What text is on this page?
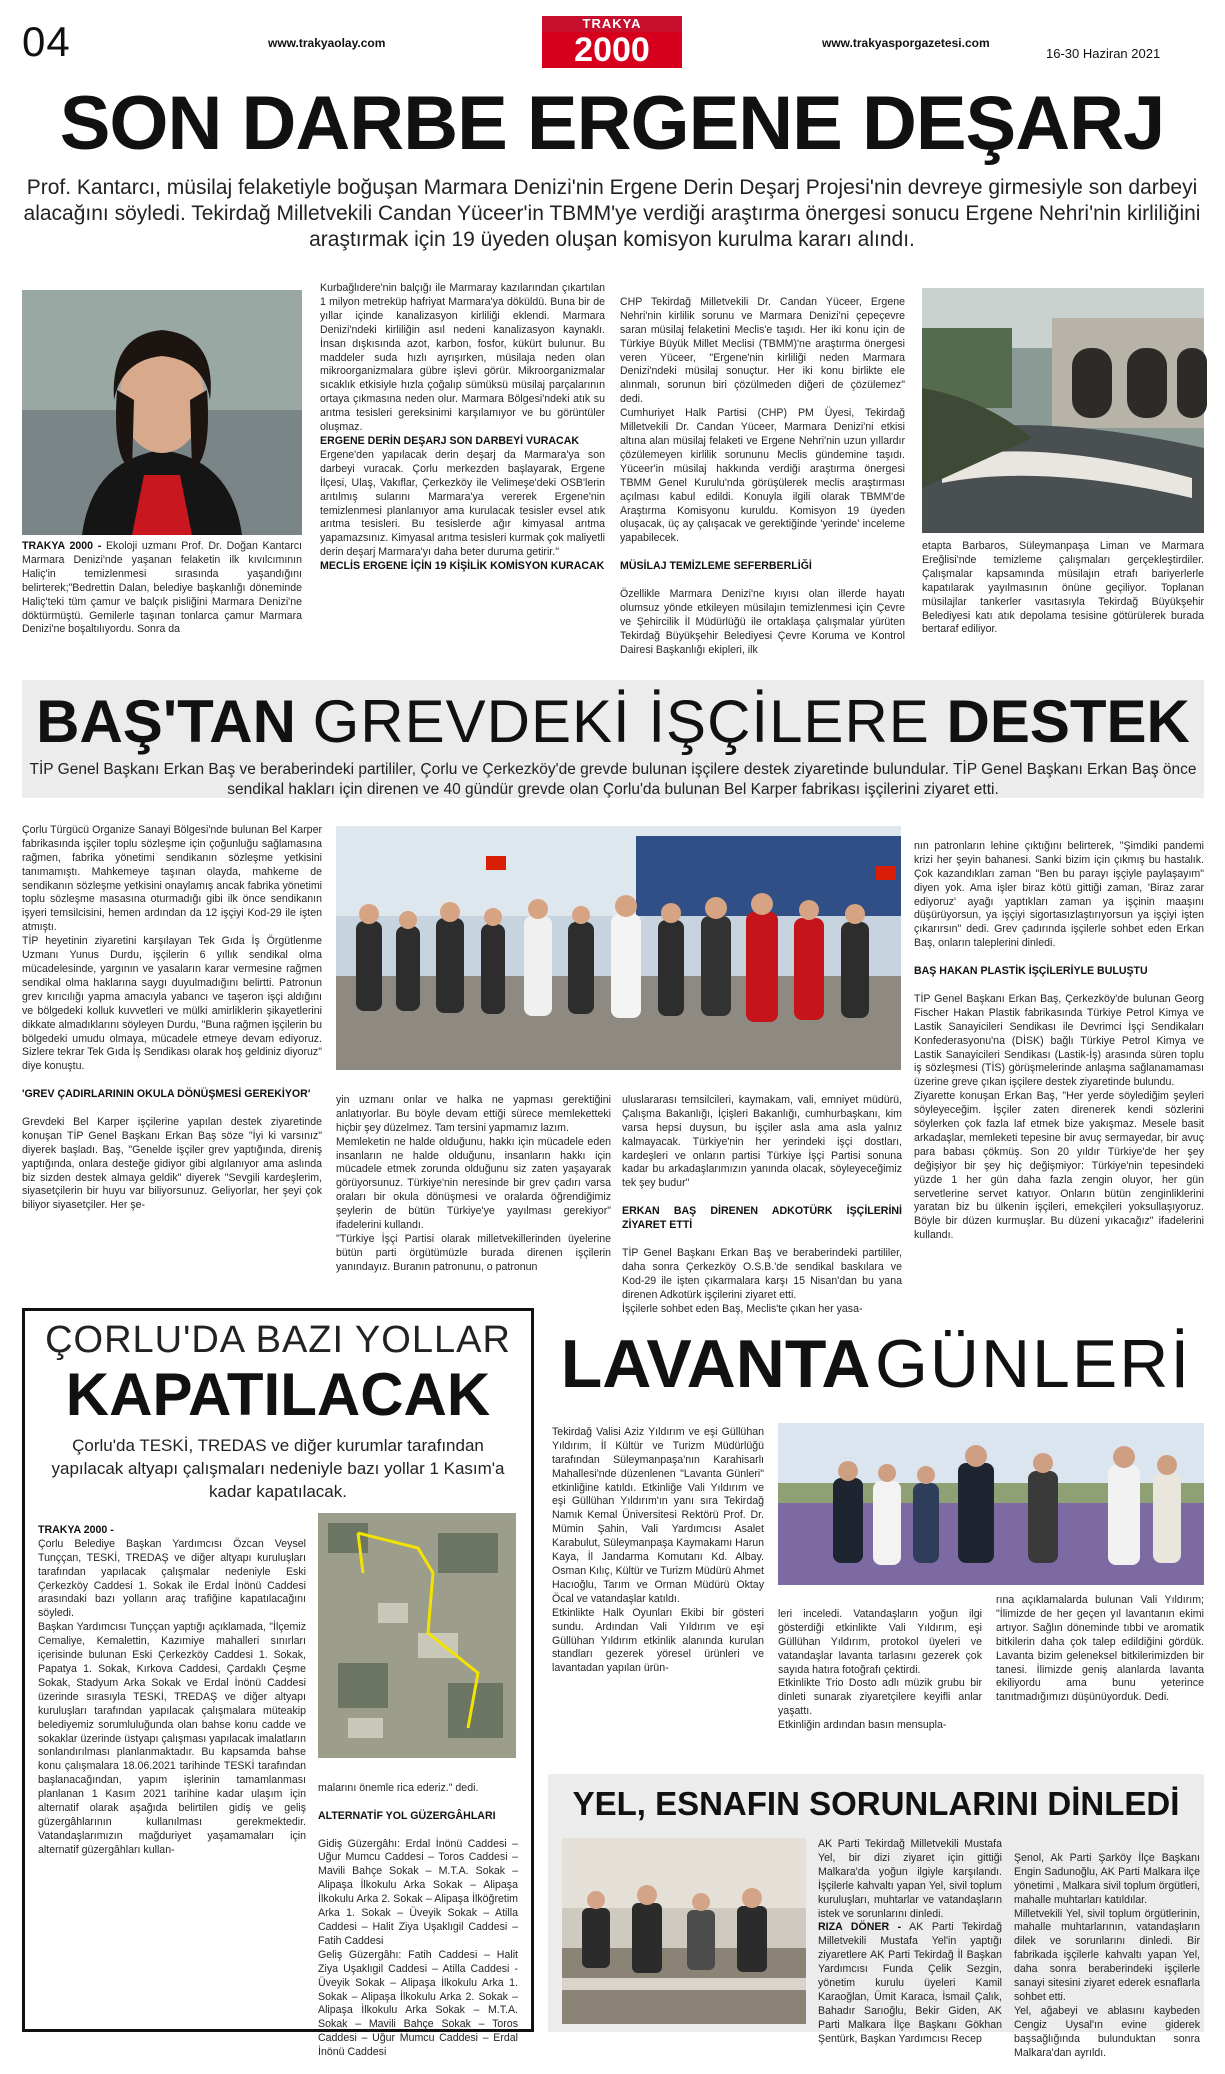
04	www.trakyaolay.com
TRAKYA
2000	www.trakyasporgazetesi.com
16-30 Haziran 2021
SON DARBE ERGENE DEŞARJ
Prof. Kantarcı, müsilaj felaketiyle boğuşan Marmara Denizi'nin Ergene Derin Deşarj Projesi'nin devreye girmesiyle son darbeyi alacağını söyledi. Tekirdağ Milletvekili Candan Yüceer'in TBMM'ye verdiği araştırma önergesi sonucu Ergene Nehri'nin kirliliğini araştırmak için 19 üyeden oluşan komisyon kurulma kararı alındı.
TRAKYA 2000 - Ekoloji uzmanı Prof. Dr. Doğan Kantarcı Marmara Denizi'nde yaşanan felaketin ilk kıvılcımının Haliç'in temizlenmesi sırasında yaşandığını belirterek;"Bedrettin Dalan, belediye başkanlığı döneminde Haliç'teki tüm çamur ve balçık pisliğini Marmara Denizi'ne döktürmüştü. Gemilerle taşınan tonlarca çamur Marmara Denizi'ne boşaltılıyordu. Sonra da

Kurbağlıdere'nin balçığı ile Marmaray kazılarından çıkartılan 1 milyon metreküp hafriyat Marmara'ya döküldü. Buna bir de yıllar içinde kanalizasyon kirliliği eklendi. Marmara Denizi'ndeki kirliliğin asıl nedeni kanalizasyon kaynaklı. İnsan dışkısında azot, karbon, fosfor, kükürt bulunur. Bu maddeler suda hızlı ayrışırken, müsilaja neden olan mikroorganizmalara gübre işlevi görür. Mikroorganizmalar sıcaklık etkisiyle hızla çoğalıp sümüksü müsilaj parçalarının ortaya çıkmasına neden olur. Marmara Bölgesi'ndeki atık su arıtma tesisleri gereksinimi karşılamıyor ve bu görüntüler oluşmaz.

ERGENE DERİN DEŞARJ SON DARBEYİ VURACAK

Ergene'den yapılacak derin deşarj da Marmara'ya son darbeyi vuracak. Çorlu merkezden başlayarak, Ergene İlçesi, Ulaş, Vakıflar, Çerkezköy ile Velimeşe'deki OSB'lerin arıtılmış sularını Marmara'ya vererek Ergene'nin temizlenmesi planlanıyor ama kurulacak tesisler evsel atık arıtma tesisleri. Bu tesislerde ağır kimyasal arıtma yapamazsınız. Kimyasal arıtma tesisleri kurmak çok maliyetli derin deşarj Marmara'yı daha beter duruma getirir."

MECLİS ERGENE İÇİN 19 KİŞİLİK KOMİSYON KURACAK

CHP Tekirdağ Milletvekili Dr. Candan Yüceer, Ergene Nehri'nin kirlilik sorunu ve Marmara Denizi'ni çepeçevre saran müsilaj felaketini Meclis'e taşıdı. Her iki konu için de Türkiye Büyük Millet Meclisi (TBMM)'ne araştırma önergesi veren Yüceer, "Ergene'nin kirliliği neden Marmara Denizi'ndeki müsilaj sonuçtur. Her iki konu birlikte ele alınmalı, sorunun biri çözülmeden diğeri de çözülemez" dedi.
Cumhuriyet Halk Partisi (CHP) PM Üyesi, Tekirdağ Milletvekili Dr. Candan Yüceer, Marmara Denizi'ni etkisi altına alan müsilaj felaketi ve Ergene Nehri'nin uzun yıllardır çözülemeyen kirlilik sorununu Meclis gündemine taşıdı. Yüceer'in müsilaj hakkında verdiği araştırma önergesi TBMM Genel Kurulu'nda görüşülerek meclis araştırması açılması kabul edildi. Konuyla ilgili olarak TBMM'de Araştırma Komisyonu kuruldu. Komisyon 19 üyeden oluşacak, üç ay çalışacak ve gerektiğinde 'yerinde' inceleme yapabilecek.

MÜSİLAJ TEMİZLEME SEFERBERLİĞİ

Özellikle Marmara Denizi'ne kıyısı olan illerde hayatı olumsuz yönde etkileyen müsilajın temizlenmesi için Çevre ve Şehircilik İl Müdürlüğü ile ortaklaşa çalışmalar yürüten Tekirdağ Büyükşehir Belediyesi Çevre Koruma ve Kontrol Dairesi Başkanlığı ekipleri, ilk

etapta Barbaros, Süleymanpaşa Liman ve Marmara Ereğlisi'nde temizleme çalışmaları gerçekleştirdiler. Çalışmalar kapsamında müsilajın etrafı bariyerlerle kapatılarak yayılmasının önüne geçiliyor. Toplanan müsilajlar tankerler vasıtasıyla Tekirdağ Büyükşehir Belediyesi katı atık depolama tesisine götürülerek burada bertaraf ediliyor.

BAŞ'TAN GREVDEKİ İŞÇİLERE DESTEK
TİP Genel Başkanı Erkan Baş ve beraberindeki partililer, Çorlu ve Çerkezköy'de grevde bulunan işçilere destek ziyaretinde bulundular. TİP Genel Başkanı Erkan Baş önce sendikal hakları için direnen ve 40 gündür grevde olan Çorlu'da bulunan Bel Karper fabrikası işçilerini ziyaret etti.

Çorlu Türgücü Organize Sanayi Bölgesi'nde bulunan Bel Karper fabrikasında işçiler toplu sözleşme için çoğunluğu sağlamasına rağmen, fabrika yönetimi sendikanın sözleşme yetkisini tanımamıştı. Mahkemeye taşınan olayda, mahkeme de sendikanın sözleşme yetkisini onaylamış ancak fabrika yönetimi toplu sözleşme masasına oturmadığı gibi ilk önce sendikanın işyeri temsilcisini, hemen ardından da 12 işçiyi Kod-29 ile işten atmıştı.
TİP heyetinin ziyaretini karşılayan Tek Gıda İş Örgütlenme Uzmanı Yunus Durdu, işçilerin 6 yıllık sendikal olma mücadelesinde, yargının ve yasaların karar vermesine rağmen sendikal olma haklarına saygı duyulmadığını belirtti. Patronun grev kırıcılığı yapma amacıyla yabancı ve taşeron işçi aldığını ve bölgedeki kolluk kuvvetleri ve mülki amirliklerin şikayetlerini dikkate almadıklarını söyleyen Durdu, "Buna rağmen işçilerin bu bölgedeki umudu olmaya, mücadele etmeye devam ediyoruz. Sizlere tekrar Tek Gıda İş Sendikası olarak hoş geldiniz diyoruz" diye konuştu.

'GREV ÇADIRLARININ OKULA DÖNÜŞMESİ GEREKİYOR'

Grevdeki Bel Karper işçilerine yapılan destek ziyaretinde konuşan TİP Genel Başkanı Erkan Baş söze "İyi ki varsınız" diyerek başladı. Baş, "Genelde işçiler grev yaptığında, direniş yaptığında, onlara desteğe gidiyor gibi algılanıyor ama aslında biz sizden destek almaya geldik" diyerek "Sevgili kardeşlerim, siyasetçilerin bir huyu var biliyorsunuz. Geliyorlar, her şeyi çok biliyor siyasetçiler. Her şe-

yin uzmanı onlar ve halka ne yapması gerektiğini anlatıyorlar. Bu böyle devam ettiği sürece memleketteki hiçbir şey düzelmez. Tam tersini yapmamız lazım.
Memleketin ne halde olduğunu, hakkı için mücadele eden insanların ne halde olduğunu, insanların hakkı için mücadele etmek zorunda olduğunu siz zaten yaşayarak görüyorsunuz. Türkiye'nin neresinde bir grev çadırı varsa oraları bir okula dönüşmesi ve oralarda öğrendiğimiz şeylerin de bütün Türkiye'ye yayılması gerekiyor" ifadelerini kullandı.
"Türkiye İşçi Partisi olarak milletvekillerinden üyelerine bütün parti örgütümüzle burada direnen işçilerin yanındayız. Buranın patronunu, o patronun

uluslararası temsilcileri, kaymakam, vali, emniyet müdürü, Çalışma Bakanlığı, İçişleri Bakanlığı, cumhurbaşkanı, kim varsa hepsi duysun, bu işçiler asla ama asla yalnız kalmayacak. Türkiye'nin her yerindeki işçi dostları, kardeşleri ve onların partisi Türkiye İşçi Partisi sonuna kadar bu arkadaşlarımızın yanında olacak, söyleyeceğimiz tek şey budur"

ERKAN BAŞ DİRENEN ADKOTÜRK İŞÇİLERİNİ ZİYARET ETTİ

TİP Genel Başkanı Erkan Baş ve beraberindeki partililer, daha sonra Çerkezköy O.S.B.'de sendikal baskılara ve Kod-29 ile işten çıkarmalara karşı 15 Nisan'dan bu yana direnen Adkotürk işçilerini ziyaret etti.
İşçilerle sohbet eden Baş, Meclis'te çıkan her yasa-

nın patronların lehine çıktığını belirterek, "Şimdiki pandemi krizi her şeyin bahanesi. Sanki bizim için çıkmış bu hastalık. Çok kazandıkları zaman "Ben bu parayı işçiyle paylaşayım" diyen yok. Ama işler biraz kötü gittiği zaman, 'Biraz zarar ediyoruz' ayağı yaptıkları zaman ya işçinin maaşını düşürüyorsun, ya işçiyi sigortasızlaştırıyorsun ya işçiyi işten çıkarırsın" dedi. Grev çadırında işçilerle sohbet eden Erkan Baş, onların taleplerini dinledi.

BAŞ HAKAN PLASTİK İŞÇİLERİYLE BULUŞTU

TİP Genel Başkanı Erkan Baş, Çerkezköy'de bulunan Georg Fischer Hakan Plastik fabrikasında Türkiye Petrol Kimya ve Lastik Sanayicileri Sendikası ile Devrimci İşçi Sendikaları Konfederasyonu'na (DİSK) bağlı Türkiye Petrol Kimya ve Lastik Sanayicileri Sendikası (Lastik-İş) arasında süren toplu iş sözleşmesi (TİS) görüşmelerinde anlaşma sağlanamaması üzerine greve çıkan işçilere destek ziyaretinde bulundu.
Ziyarette konuşan Erkan Baş, "Her yerde söylediğim şeyleri söyleyeceğim. İşçiler zaten direnerek kendi sözlerini söylerken çok fazla laf etmek bize yakışmaz. Mesele basit arkadaşlar, memleketi tepesine bir avuç sermayedar, bir avuç para babası çökmüş. Son 20 yıldır Türkiye'de her şey değişiyor bir şey hiç değişmiyor: Türkiye'nin tepesindeki yüzde 1 her gün daha fazla zengin oluyor, her gün servetlerine servet katıyor. Onların bütün zenginliklerini yaratan biz bu ülkenin işçileri, emekçileri yoksullaşıyoruz. Böyle bir düzen kurmuşlar. Bu düzeni yıkacağız" ifadelerini kullandı.

ÇORLU'DA BAZI YOLLAR
KAPATILACAK
Çorlu'da TESKİ, TREDAS ve diğer kurumlar tarafından yapılacak altyapı çalışmaları nedeniyle bazı yollar 1 Kasım'a kadar kapatılacak.

TRAKYA 2000 -
Çorlu Belediye Başkan Yardımcısı Özcan Veysel Tunççan, TESKİ, TREDAŞ ve diğer altyapı kuruluşları tarafından yapılacak çalışmalar nedeniyle Eski Çerkezköy Caddesi 1. Sokak ile Erdal İnönü Caddesi arasındaki bazı yolların araç trafiğine kapatılacağını söyledi.
Başkan Yardımcısı Tunççan yaptığı açıklamada, "İlçemiz Cemaliye, Kemalettin, Kazımiye mahalleri sınırları içerisinde bulunan Eski Çerkezköy Caddesi 1. Sokak, Papatya 1. Sokak, Kırkova Caddesi, Çardaklı Çeşme Sokak, Stadyum Arka Sokak ve Erdal İnönü Caddesi üzerinde sırasıyla TESKİ, TREDAŞ ve diğer altyapı kuruluşları tarafından yapılacak çalışmalara müteakip belediyemiz sorumluluğunda olan bahse konu cadde ve sokaklar üzerinde üstyapı çalışması yapılacak imalatların sonlandırılması planlanmaktadır. Bu kapsamda bahse konu çalışmalara 18.06.2021 tarihinde TESKİ tarafından başlanacağından, yapım işlerinin tamamlanması planlanan 1 Kasım 2021 tarihine kadar ulaşım için alternatif olarak aşağıda belirtilen gidiş ve geliş güzergâhlarının kullanılması gerekmektedir. Vatandaşlarımızın mağduriyet yaşamamaları için alternatif güzergâhları kullan-

malarını önemle rica ederiz." dedi.

ALTERNATİF YOL GÜZERGÂHLARI

Gidiş Güzergâhı: Erdal İnönü Caddesi – Uğur Mumcu Caddesi – Toros Caddesi – Mavili Bahçe Sokak – M.T.A. Sokak – Alipaşa İlkokulu Arka Sokak – Alipaşa İlkokulu Arka 2. Sokak – Alipaşa İlköğretim Arka 1. Sokak – Üveyik Sokak – Atilla Caddesi – Halit Ziya Uşaklıgil Caddesi – Fatih Caddesi
Geliş Güzergâhı: Fatih Caddesi – Halit Ziya Uşaklıgil Caddesi – Atilla Caddesi - Üveyik Sokak – Alipaşa İlkokulu Arka 1. Sokak – Alipaşa İlkokulu Arka 2. Sokak – Alipaşa İlkokulu Arka Sokak – M.T.A. Sokak – Mavili Bahçe Sokak – Toros Caddesi – Uğur Mumcu Caddesi – Erdal İnönü Caddesi

LAVANTA GÜNLERİ

Tekirdağ Valisi Aziz Yıldırım ve eşi Güllühan Yıldırım, İl Kültür ve Turizm Müdürlüğü tarafından Süleymanpaşa'nın Karahisarlı Mahallesi'nde düzenlenen "Lavanta Günleri" etkinliğine katıldı. Etkinliğe Vali Yıldırım ve eşi Güllühan Yıldırım'ın yanı sıra Tekirdağ Namık Kemal Üniversitesi Rektörü Prof. Dr. Mümin Şahin, Vali Yardımcısı Asalet Karabulut, Süleymanpaşa Kaymakamı Harun Kaya, İl Jandarma Komutanı Kd. Albay. Osman Kılıç, Kültür ve Turizm Müdürü Ahmet Hacıoğlu, Tarım ve Orman Müdürü Oktay Öcal ve vatandaşlar katıldı.
Etkinlikte Halk Oyunları Ekibi bir gösteri sundu. Ardından Vali Yıldırım ve eşi Güllühan Yıldırım etkinlik alanında kurulan standları gezerek yöresel ürünleri ve lavantadan yapılan ürün-

leri inceledi. Vatandaşların yoğun ilgi gösterdiği etkinlikte Vali Yıldırım, eşi Güllühan Yıldırım, protokol üyeleri ve vatandaşlar lavanta tarlasını gezerek çok sayıda hatıra fotoğrafı çektirdi.
Etkinlikte Trio Dosto adlı müzik grubu bir dinleti sunarak ziyaretçilere keyifli anlar yaşattı.
Etkinliğin ardından basın mensupla-

rına açıklamalarda bulunan Vali Yıldırım; "İlimizde de her geçen yıl lavantanın ekimi artıyor. Sağlın döneminde tıbbi ve aromatik bitkilerin daha çok talep edildiğini gördük. Lavanta bizim geleneksel bitkilerimizden bir tanesi. İlimizde geniş alanlarda lavanta ekiliyordu ama bunu yeterince tanıtmadığımızı düşünüyorduk. Dedi.

YEL, ESNAFIN SORUNLARINI DİNLEDİ

AK Parti Tekirdağ Milletvekili Mustafa Yel, bir dizi ziyaret için gittiği Malkara'da yoğun ilgiyle karşılandı. İşçilerle kahvaltı yapan Yel, sivil toplum kuruluşları, muhtarlar ve vatandaşların istek ve sorunlarını dinledi.

RIZA DÖNER - AK Parti Tekirdağ Milletvekili Mustafa Yel'in yaptığı ziyaretlere AK Parti Tekirdağ İl Başkan Yardımcısı Funda Çelik Sezgin, yönetim kurulu üyeleri Kamil Karaoğlan, Ümit Karaca, İsmail Çalık, Bahadır Sarıoğlu, Bekir Giden, AK Parti Malkara İlçe Başkanı Gökhan Şentürk, Başkan Yardımcısı Recep

Şenol, Ak Parti Şarköy İlçe Başkanı Engin Sadunoğlu, AK Parti Malkara ilçe yönetimi , Malkara sivil toplum örgütleri, mahalle muhtarları katıldılar.
Milletvekili Yel, sivil toplum örgütlerinin, mahalle muhtarlarının, vatandaşların dilek ve sorunlarını dinledi. Bir fabrikada işçilerle kahvaltı yapan Yel, daha sonra beraberindeki işçilerle sanayi sitesini ziyaret ederek esnaflarla sohbet etti.
Yel, ağabeyi ve ablasını kaybeden Cengiz Uysal'ın evine giderek başsağlığında bulunduktan sonra Malkara'dan ayrıldı.
